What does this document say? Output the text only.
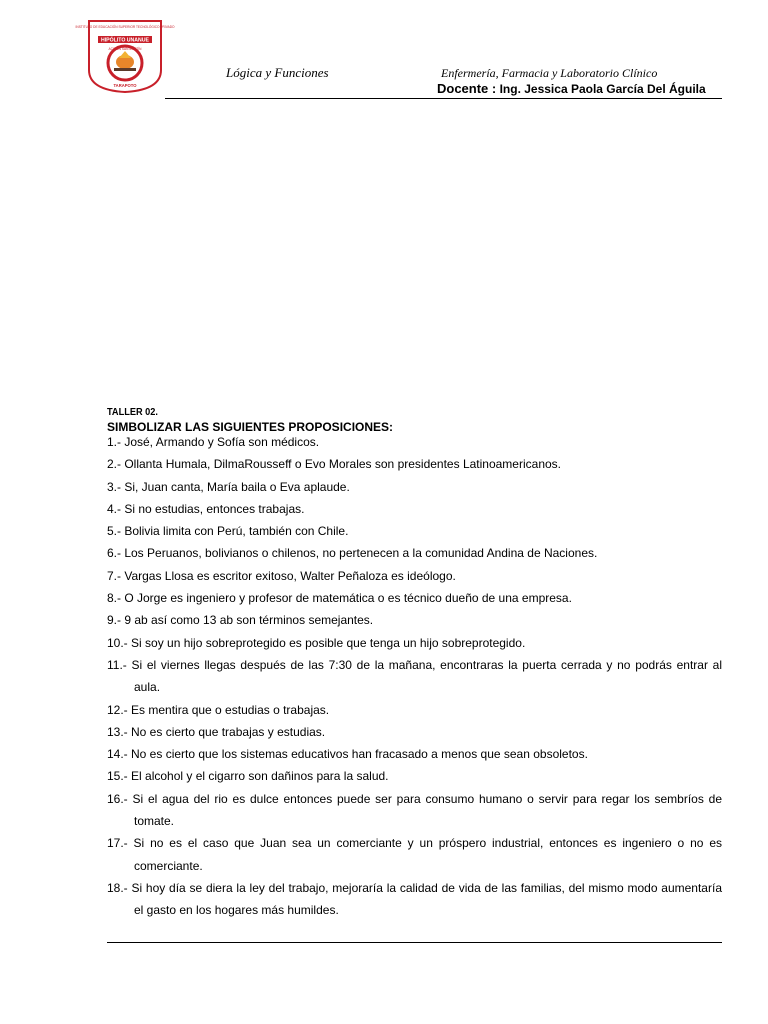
INSTITUTO DE EDUCACIÓN SUPERIOR TECNOLÓGICO PRIVADO
HIPÓLITO UNANUE
ACCIÓN SAN MARTÍN
TARAPOTO
Lógica y Funciones	Enfermería, Farmacia y Laboratorio Clínico
Docente : Ing. Jessica Paola García Del Águila
TALLER 02.
SIMBOLIZAR LAS SIGUIENTES PROPOSICIONES:
1.- José, Armando y Sofía son médicos.
2.- Ollanta Humala, DilmaRousseff o Evo Morales son presidentes Latinoamericanos.
3.- Si, Juan canta, María baila o Eva aplaude.
4.- Si no estudias, entonces trabajas.
5.- Bolivia limita con Perú, también con Chile.
6.- Los Peruanos, bolivianos o chilenos, no pertenecen a la comunidad Andina de Naciones.
7.- Vargas Llosa es escritor exitoso, Walter Peñaloza es ideólogo.
8.- O Jorge es ingeniero y profesor de matemática o es técnico dueño de una empresa.
9.- 9 ab así como 13 ab son términos semejantes.
10.- Si soy un hijo sobreprotegido es posible que tenga un hijo sobreprotegido.
11.- Si el viernes llegas después de las 7:30 de la mañana, encontraras la puerta cerrada y no podrás entrar al aula.
12.- Es mentira que o estudias o trabajas.
13.- No es cierto que trabajas y estudias.
14.- No es cierto que los sistemas educativos han fracasado a menos que sean obsoletos.
15.- El alcohol y el cigarro son dañinos para la salud.
16.- Si el agua del rio es dulce entonces puede ser para consumo humano o servir para regar los sembríos de tomate.
17.- Si no es el caso que Juan sea un comerciante y un próspero industrial, entonces es ingeniero o no es comerciante.
18.- Si hoy día se diera la ley del trabajo, mejoraría la calidad de vida de las familias, del mismo modo aumentaría el gasto en los hogares más humildes.
